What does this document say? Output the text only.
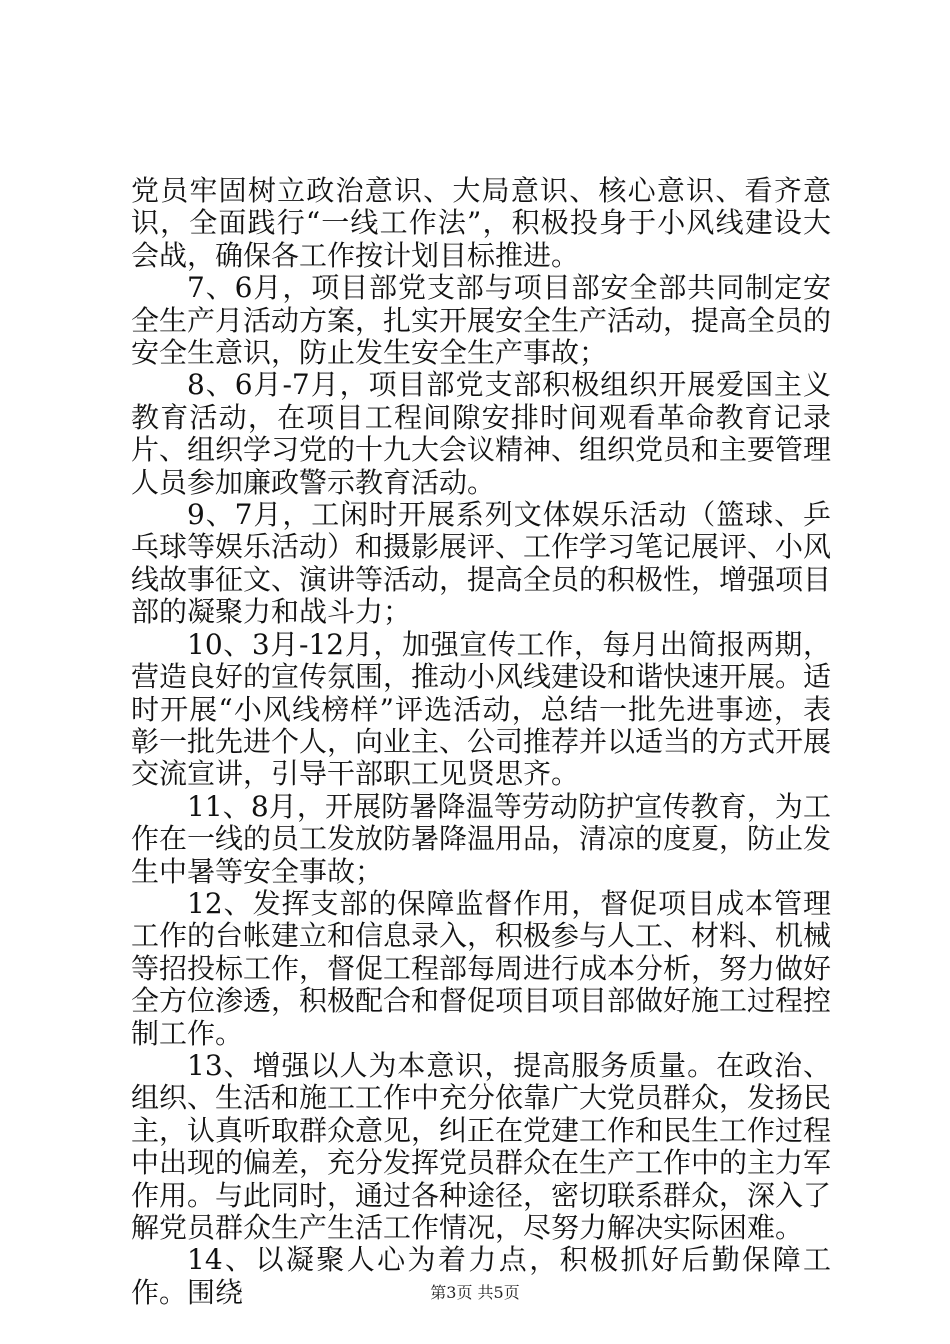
党员牢固树立政治意识、大局意识、核心意识、看齐意识，全面践行“一线工作法”，积极投身于小风线建设大会战，确保各工作按计划目标推进。

7、6月，项目部党支部与项目部安全部共同制定安全生产月活动方案，扎实开展安全生产活动，提高全员的安全生意识，防止发生安全生产事故；

8、6月-7月，项目部党支部积极组织开展爱国主义教育活动，在项目工程间隙安排时间观看革命教育记录片、组织学习党的十九大会议精神、组织党员和主要管理人员参加廉政警示教育活动。

9、7月，工闲时开展系列文体娱乐活动（篮球、乒乓球等娱乐活动）和摄影展评、工作学习笔记展评、小风线故事征文、演讲等活动，提高全员的积极性，增强项目部的凝聚力和战斗力；

10、3月-12月，加强宣传工作，每月出简报两期，营造良好的宣传氛围，推动小风线建设和谐快速开展。适时开展“小风线榜样”评选活动，总结一批先进事迹，表彰一批先进个人，向业主、公司推荐并以适当的方式开展交流宣讲，引导干部职工见贤思齐。

11、8月，开展防暑降温等劳动防护宣传教育，为工作在一线的员工发放防暑降温用品，清凉的度夏，防止发生中暑等安全事故；

12、发挥支部的保障监督作用，督促项目成本管理工作的台帐建立和信息录入，积极参与人工、材料、机械等招投标工作，督促工程部每周进行成本分析，努力做好全方位渗透，积极配合和督促项目项目部做好施工过程控制工作。

13、增强以人为本意识，提高服务质量。在政治、组织、生活和施工工作中充分依靠广大党员群众，发扬民主，认真听取群众意见，纠正在党建工作和民生工作过程中出现的偏差，充分发挥党员群众在生产工作中的主力军作用。与此同时，通过各种途径，密切联系群众，深入了解党员群众生产生活工作情况，尽努力解决实际困难。

14、以凝聚人心为着力点，积极抓好后勤保障工作。围绕	第3页 共5页
